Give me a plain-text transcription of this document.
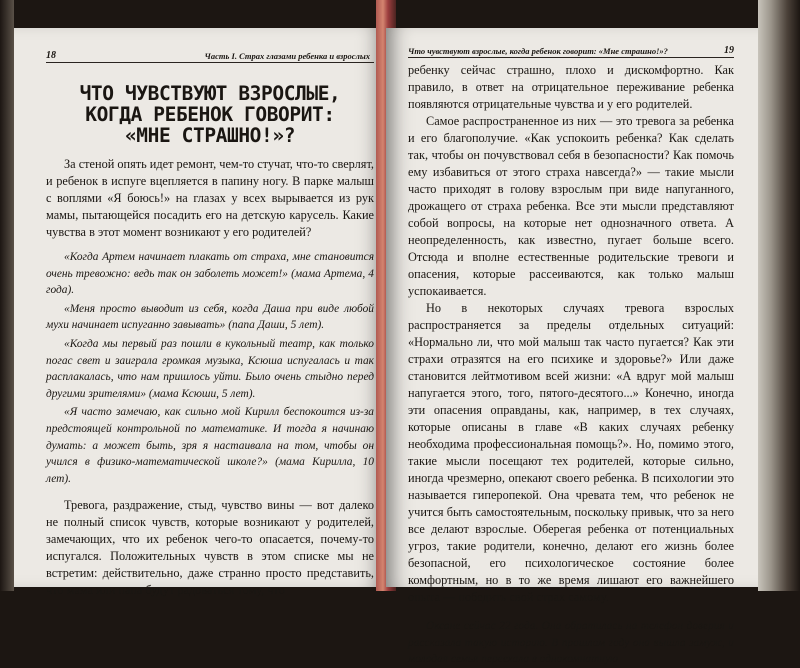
18	Часть I. Страх глазами ребенка и взрослых
ЧТО ЧУВСТВУЮТ ВЗРОСЛЫЕ,
КОГДА РЕБЕНОК ГОВОРИТ:
«МНЕ СТРАШНО!»?

За стеной опять идет ремонт, чем-то стучат, что-то сверлят, и ребенок в испуге вцепляется в папину ногу. В парке малыш с воплями «Я боюсь!» на глазах у всех вырывается из рук мамы, пытающейся посадить его на детскую карусель. Какие чувства в этот момент возникают у его родителей?

«Когда Артем начинает плакать от страха, мне становится очень тревожно: ведь так он заболеть может!» (мама Артема, 4 года).

«Меня просто выводит из себя, когда Даша при виде любой мухи начинает испуганно завывать» (папа Даши, 5 лет).

«Когда мы первый раз пошли в кукольный театр, как только погас свет и заиграла громкая музыка, Ксюша испугалась и так расплакалась, что нам пришлось уйти. Было очень стыдно перед другими зрителями» (мама Ксюши, 5 лет).

«Я часто замечаю, как сильно мой Кирилл беспокоится из-за предстоящей контрольной по математике. И тогда я начинаю думать: а может быть, зря я настаивала на том, чтобы он учился в физико-математической школе?» (мама Кирилла, 10 лет).

Тревога, раздражение, стыд, чувство вины — вот далеко не полный список чувств, которые возникают у родителей, замечающих, что их ребенок чего-то опасается, почему-то испугался. Положительных чувств в этом списке мы не встретим: действительно, даже странно просто представить, что мама или папа будут радоваться тому, что

Что чувствуют взрослые, когда ребенок говорит: «Мне страшно!»?	19

ребенку сейчас страшно, плохо и дискомфортно. Как правило, в ответ на отрицательное переживание ребенка появляются отрицательные чувства и у его родителей.

Самое распространенное из них — это тревога за ребенка и его благополучие. «Как успокоить ребенка? Как сделать так, чтобы он почувствовал себя в безопасности? Как помочь ему избавиться от этого страха навсегда?» — такие мысли часто приходят в голову взрослым при виде напуганного, дрожащего от страха ребенка. Все эти мысли представляют собой вопросы, на которые нет однозначного ответа. А неопределенность, как известно, пугает больше всего. Отсюда и вполне естественные родительские тревоги и опасения, которые рассеиваются, как только малыш успокаивается.

Но в некоторых случаях тревога взрослых распространяется за пределы отдельных ситуаций: «Нормально ли, что мой малыш так часто пугается? Как эти страхи отразятся на его психике и здоровье?» Или даже становится лейтмотивом всей жизни: «А вдруг мой малыш напугается этого, того, пятого-десятого...» Конечно, иногда эти опасения оправданы, как, например, в тех случаях, которые описаны в главе «В каких случаях ребенку необходима профессиональная помощь?». Но, помимо этого, такие мысли посещают тех родителей, которые сильно, иногда чрезмерно, опекают своего ребенка. В психологии это называется гиперопекой. Она чревата тем, что ребенок не учится быть самостоятельным, поскольку привык, что за него все делают взрослые. Оберегая ребенка от потенциальных угроз, такие родители, конечно, делают его жизнь более безопасной, его психологическое состояние более комфортным, но в то же время лишают его важнейшего опыта — победить свой страх самому.

Оксане сейчас 22 года. Она обратилась на телефон доверия и рассказала такую историю. В прошлом году она вышла замуж, и молодая семья переехала в однокомнатную
